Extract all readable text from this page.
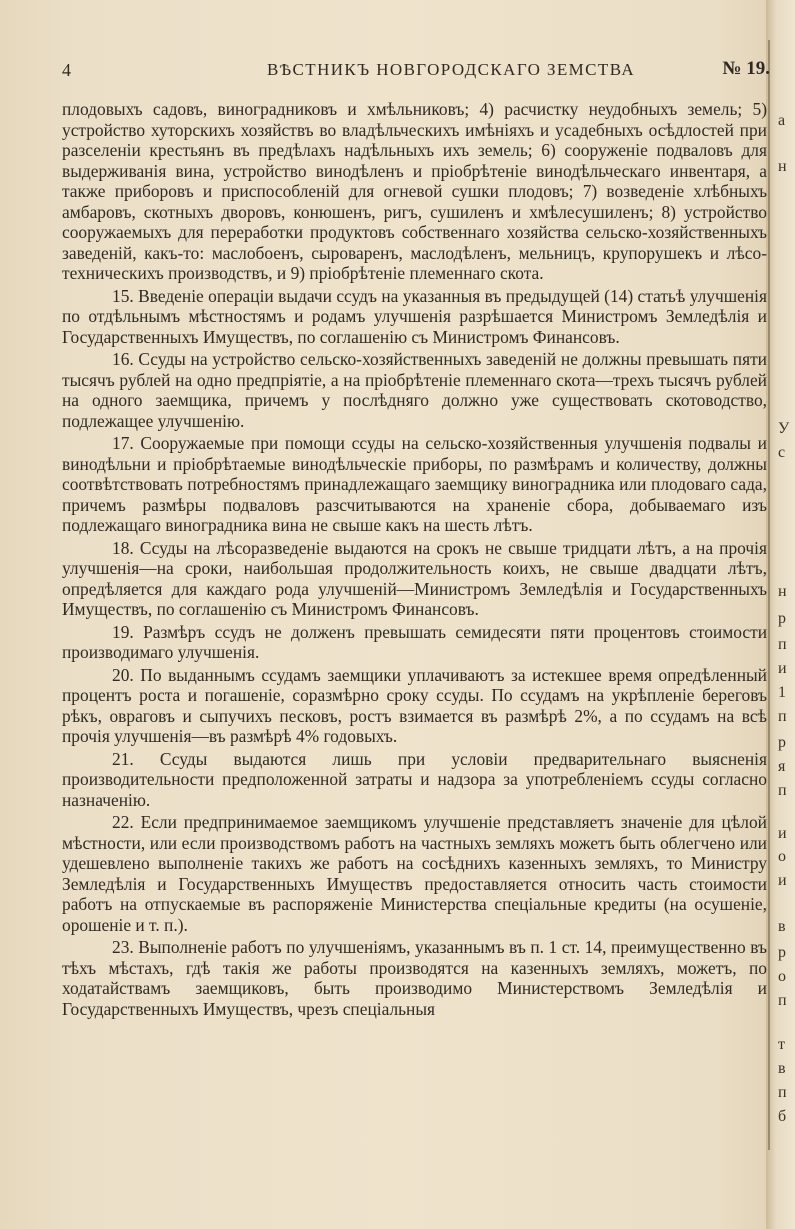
4	ВѢСТНИКЪ НОВГОРОДСКАГО ЗЕМСТВА	№ 19.

плодовыхъ садовъ, виноградниковъ и хмѣльниковъ; 4) расчистку неудобныхъ земель; 5) устройство хуторскихъ хозяйствъ во владѣльческихъ имѣніяхъ и усадебныхъ осѣдлостей при разселеніи крестьянъ въ предѣлахъ надѣльныхъ ихъ земель; 6) сооруженіе подваловъ для выдерживанія вина, устройство винодѣленъ и пріобрѣтеніе винодѣльческаго инвентаря, а также приборовъ и приспособленій для огневой сушки плодовъ; 7) возведеніе хлѣбныхъ амбаровъ, скотныхъ дворовъ, конюшенъ, ригъ, сушиленъ и хмѣлесушиленъ; 8) устройство сооружаемыхъ для переработки продуктовъ собственнаго хозяйства сельско-хозяйственныхъ заведеній, какъ-то: маслобоенъ, сыроваренъ, маслодѣленъ, мельницъ, крупорушекъ и лѣсо-техническихъ производствъ, и 9) пріобрѣтеніе племеннаго скота.

15. Введеніе операціи выдачи ссудъ на указанныя въ предыдущей (14) статьѣ улучшенія по отдѣльнымъ мѣстностямъ и родамъ улучшенія разрѣшается Министромъ Земледѣлія и Государственныхъ Имуществъ, по соглашенію съ Министромъ Финансовъ.

16. Ссуды на устройство сельско-хозяйственныхъ заведеній не должны превышать пяти тысячъ рублей на одно предпріятіе, а на пріобрѣтеніе племеннаго скота—трехъ тысячъ рублей на одного заемщика, причемъ у послѣдняго должно уже существовать скотоводство, подлежащее улучшенію.

17. Сооружаемые при помощи ссуды на сельско-хозяйственныя улучшенія подвалы и винодѣльни и пріобрѣтаемые винодѣльческіе приборы, по размѣрамъ и количеству, должны соотвѣтствовать потребностямъ принадлежащаго заемщику виноградника или плодоваго сада, причемъ размѣры подваловъ разсчитываются на храненіе сбора, добываемаго изъ подлежащаго виноградника вина не свыше какъ на шесть лѣтъ.

18. Ссуды на лѣсоразведеніе выдаются на срокъ не свыше тридцати лѣтъ, а на прочія улучшенія—на сроки, наибольшая продолжительность коихъ, не свыше двадцати лѣтъ, опредѣляется для каждаго рода улучшеній—Министромъ Земледѣлія и Государственныхъ Имуществъ, по соглашенію съ Министромъ Финансовъ.

19. Размѣръ ссудъ не долженъ превышать семидесяти пяти процентовъ стоимости производимаго улучшенія.

20. По выданнымъ ссудамъ заемщики уплачиваютъ за истекшее время опредѣленный процентъ роста и погашеніе, соразмѣрно сроку ссуды. По ссудамъ на укрѣпленіе береговъ рѣкъ, овраговъ и сыпучихъ песковъ, ростъ взимается въ размѣрѣ 2%, а по ссудамъ на всѣ прочія улучшенія—въ размѣрѣ 4% годовыхъ.

21. Ссуды выдаются лишь при условіи предварительнаго выясненія производительности предположенной затраты и надзора за употребленіемъ ссуды согласно назначенію.

22. Если предпринимаемое заемщикомъ улучшеніе представляетъ значеніе для цѣлой мѣстности, или если производствомъ работъ на частныхъ земляхъ можетъ быть облегчено или удешевлено выполненіе такихъ же работъ на сосѣднихъ казенныхъ земляхъ, то Министру Земледѣлія и Государственныхъ Имуществъ предоставляется относить часть стоимости работъ на отпускаемые въ распоряженіе Министерства спеціальные кредиты (на осушеніе, орошеніе и т. п.).

23. Выполненіе работъ по улучшеніямъ, указаннымъ въ п. 1 ст. 14, преимущественно въ тѣхъ мѣстахъ, гдѣ такія же работы производятся на казенныхъ земляхъ, можетъ, по ходатайствамъ заемщиковъ, быть производимо Министерствомъ Земледѣлія и Государственныхъ Имуществъ, чрезъ спеціальныя

а
н
У
с
н
р
п
и
1
п
р
я
п
и
о
и
в
р
о
п
т
в
п
б
